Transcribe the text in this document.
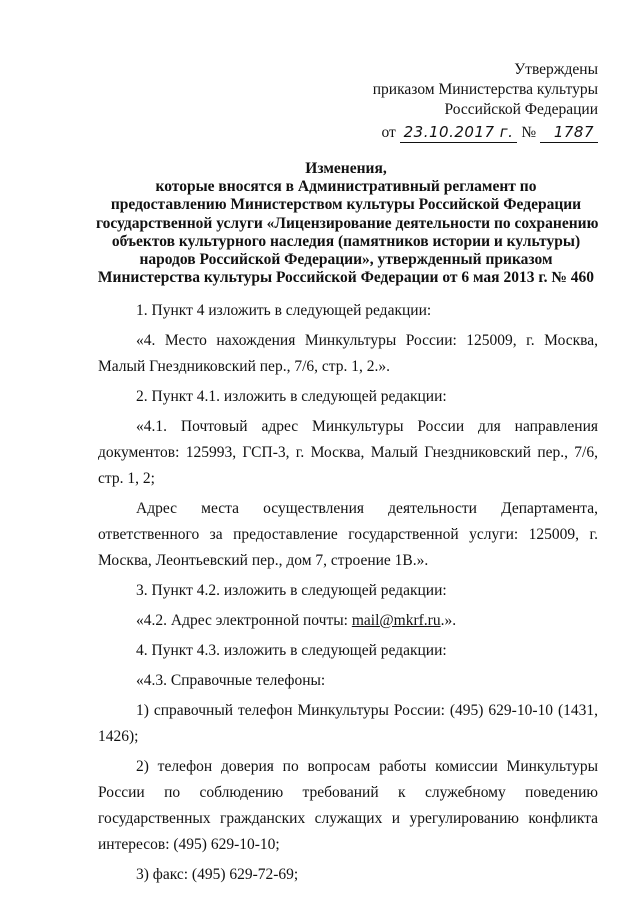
Утверждены
приказом Министерства культуры
Российской Федерации
от 23.10.2017 г. № 1787
Изменения,
которые вносятся в Административный регламент по
предоставлению Министерством культуры Российской Федерации
государственной услуги «Лицензирование деятельности по сохранению
объектов культурного наследия (памятников истории и культуры)
народов Российской Федерации», утвержденный приказом
Министерства культуры Российской Федерации от 6 мая 2013 г. № 460

1. Пункт 4 изложить в следующей редакции:

«4. Место нахождения Минкультуры России: 125009, г. Москва, Малый Гнездниковский пер., 7/6, стр. 1, 2.».

2. Пункт 4.1. изложить в следующей редакции:

«4.1. Почтовый адрес Минкультуры России для направления документов: 125993, ГСП-3, г. Москва, Малый Гнездниковский пер., 7/6, стр. 1, 2;

Адрес места осуществления деятельности Департамента, ответственного за предоставление государственной услуги: 125009, г. Москва, Леонтьевский пер., дом 7, строение 1В.».

3. Пункт 4.2. изложить в следующей редакции:

«4.2. Адрес электронной почты: mail@mkrf.ru.».

4. Пункт 4.3. изложить в следующей редакции:

«4.3. Справочные телефоны:

1) справочный телефон Минкультуры России: (495) 629-10-10 (1431, 1426);

2) телефон доверия по вопросам работы комиссии Минкультуры России по соблюдению требований к служебному поведению государственных гражданских служащих и урегулированию конфликта интересов: (495) 629-10-10;

3) факс: (495) 629-72-69;
